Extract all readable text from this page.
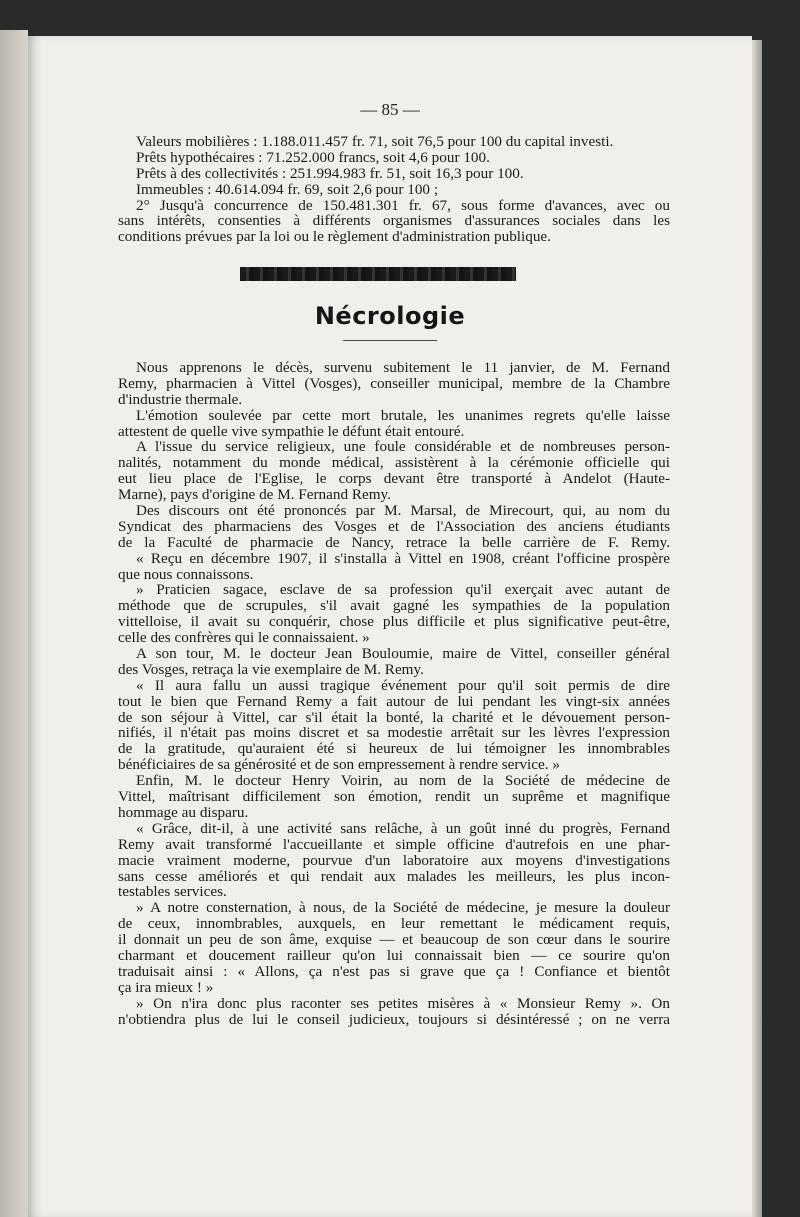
— 85 —
Valeurs mobilières : 1.188.011.457 fr. 71, soit 76,5 pour 100 du capital investi.
Prêts hypothécaires : 71.252.000 francs, soit 4,6 pour 100.
Prêts à des collectivités : 251.994.983 fr. 51, soit 16,3 pour 100.
Immeubles : 40.614.094 fr. 69, soit 2,6 pour 100 ;
2° Jusqu'à concurrence de 150.481.301 fr. 67, sous forme d'avances, avec ou
sans intérêts, consenties à différents organismes d'assurances sociales dans les
conditions prévues par la loi ou le règlement d'administration publique.
Nécrologie
Nous apprenons le décès, survenu subitement le 11 janvier, de M. Fernand
Remy, pharmacien à Vittel (Vosges), conseiller municipal, membre de la Chambre
d'industrie thermale.
L'émotion soulevée par cette mort brutale, les unanimes regrets qu'elle laisse
attestent de quelle vive sympathie le défunt était entouré.
A l'issue du service religieux, une foule considérable et de nombreuses person-
nalités, notamment du monde médical, assistèrent à la cérémonie officielle qui
eut lieu place de l'Eglise, le corps devant être transporté à Andelot (Haute-
Marne), pays d'origine de M. Fernand Remy.
Des discours ont été prononcés par M. Marsal, de Mirecourt, qui, au nom du
Syndicat des pharmaciens des Vosges et de l'Association des anciens étudiants
de la Faculté de pharmacie de Nancy, retrace la belle carrière de F. Remy.
« Reçu en décembre 1907, il s'installa à Vittel en 1908, créant l'officine prospère
que nous connaissons.
» Praticien sagace, esclave de sa profession qu'il exerçait avec autant de
méthode que de scrupules, s'il avait gagné les sympathies de la population
vittelloise, il avait su conquérir, chose plus difficile et plus significative peut-être,
celle des confrères qui le connaissaient. »
A son tour, M. le docteur Jean Bouloumie, maire de Vittel, conseiller général
des Vosges, retraça la vie exemplaire de M. Remy.
« Il aura fallu un aussi tragique événement pour qu'il soit permis de dire
tout le bien que Fernand Remy a fait autour de lui pendant les vingt-six années
de son séjour à Vittel, car s'il était la bonté, la charité et le dévouement person-
nifiés, il n'était pas moins discret et sa modestie arrêtait sur les lèvres l'expression
de la gratitude, qu'auraient été si heureux de lui témoigner les innombrables
bénéficiaires de sa générosité et de son empressement à rendre service. »
Enfin, M. le docteur Henry Voirin, au nom de la Société de médecine de
Vittel, maîtrisant difficilement son émotion, rendit un suprême et magnifique
hommage au disparu.
« Grâce, dit-il, à une activité sans relâche, à un goût inné du progrès, Fernand
Remy avait transformé l'accueillante et simple officine d'autrefois en une phar-
macie vraiment moderne, pourvue d'un laboratoire aux moyens d'investigations
sans cesse améliorés et qui rendait aux malades les meilleurs, les plus incon-
testables services.
» A notre consternation, à nous, de la Société de médecine, je mesure la douleur
de ceux, innombrables, auxquels, en leur remettant le médicament requis,
il donnait un peu de son âme, exquise — et beaucoup de son cœur dans le sourire
charmant et doucement railleur qu'on lui connaissait bien — ce sourire qu'on
traduisait ainsi : « Allons, ça n'est pas si grave que ça ! Confiance et bientôt
ça ira mieux ! »
» On n'ira donc plus raconter ses petites misères à « Monsieur Remy ». On
n'obtiendra plus de lui le conseil judicieux, toujours si désintéressé ; on ne verra
